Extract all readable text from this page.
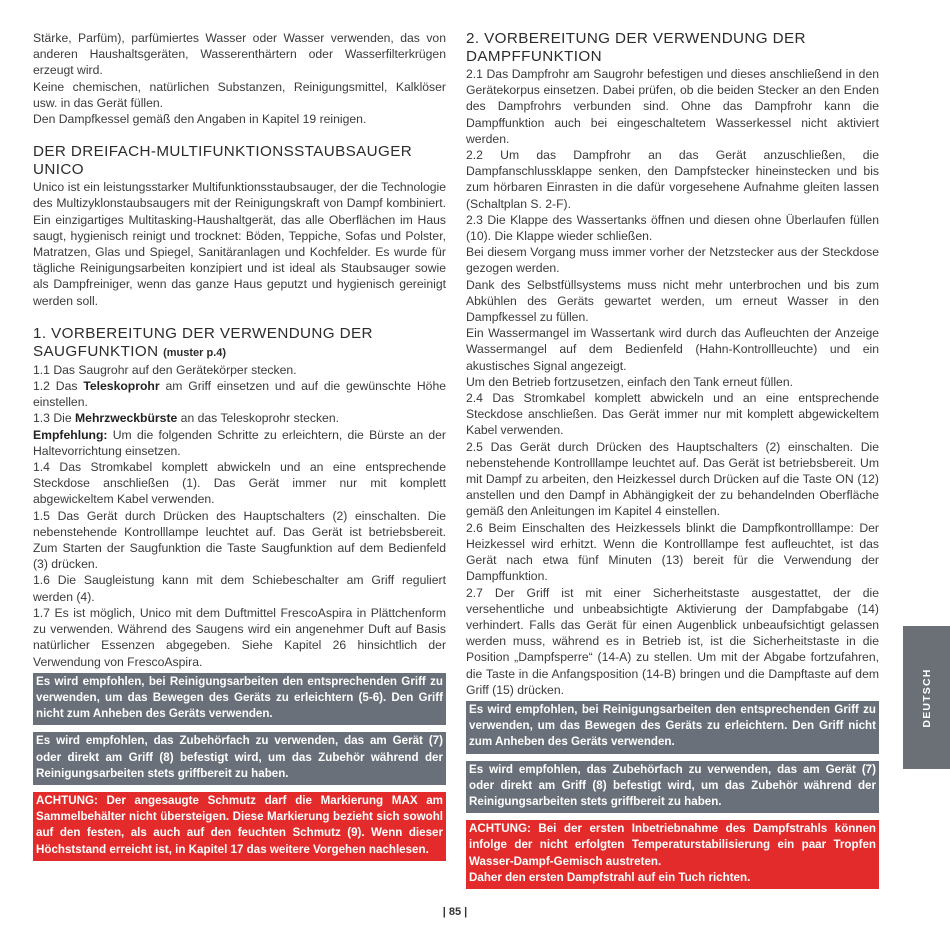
Stärke, Parfüm), parfümiertes Wasser oder Wasser verwenden, das von anderen Haushaltsgeräten, Wasserenthärtern oder Wasserfilterkrügen erzeugt wird.

Keine chemischen, natürlichen Substanzen, Reinigungsmittel, Kalklöser usw. in das Gerät füllen.

Den Dampfkessel gemäß den Angaben in Kapitel 19 reinigen.

DER DREIFACH-MULTIFUNKTIONSSTAUBSAUGER UNICO

Unico ist ein leistungsstarker Multifunktionsstaubsauger, der die Technologie des Multizyklonstaubsaugers mit der Reinigungskraft von Dampf kombiniert. Ein einzigartiges Multitasking-Haushaltgerät, das alle Oberflächen im Haus saugt, hygienisch reinigt und trocknet: Böden, Teppiche, Sofas und Polster, Matratzen, Glas und Spiegel, Sanitäranlagen und Kochfelder. Es wurde für tägliche Reinigungsarbeiten konzipiert und ist ideal als Staubsauger sowie als Dampfreiniger, wenn das ganze Haus geputzt und hygienisch gereinigt werden soll.

1. VORBEREITUNG DER VERWENDUNG DER SAUGFUNKTION (muster p.4)

1.1 Das Saugrohr auf den Gerätekörper stecken.

1.2 Das Teleskoprohr am Griff einsetzen und auf die gewünschte Höhe einstellen.

1.3 Die Mehrzweckbürste an das Teleskoprohr stecken.

Empfehlung: Um die folgenden Schritte zu erleichtern, die Bürste an der Haltevorrichtung einsetzen.

1.4 Das Stromkabel komplett abwickeln und an eine entsprechende Steckdose anschließen (1). Das Gerät immer nur mit komplett abgewickeltem Kabel verwenden.

1.5 Das Gerät durch Drücken des Hauptschalters (2) einschalten. Die nebenstehende Kontrolllampe leuchtet auf. Das Gerät ist betriebsbereit. Zum Starten der Saugfunktion die Taste Saugfunktion auf dem Bedienfeld (3) drücken.

1.6 Die Saugleistung kann mit dem Schiebeschalter am Griff reguliert werden (4).

1.7 Es ist möglich, Unico mit dem Duftmittel FrescoAspira in Plättchenform zu verwenden. Während des Saugens wird ein angenehmer Duft auf Basis natürlicher Essenzen abgegeben. Siehe Kapitel 26 hinsichtlich der Verwendung von FrescoAspira.

Es wird empfohlen, bei Reinigungsarbeiten den entsprechenden Griff zu verwenden, um das Bewegen des Geräts zu erleichtern (5-6). Den Griff nicht zum Anheben des Geräts verwenden.
Es wird empfohlen, das Zubehörfach zu verwenden, das am Gerät (7) oder direkt am Griff (8) befestigt wird, um das Zubehör während der Reinigungsarbeiten stets griffbereit zu haben.
ACHTUNG: Der angesaugte Schmutz darf die Markierung MAX am Sammelbehälter nicht übersteigen. Diese Markierung bezieht sich sowohl auf den festen, als auch auf den feuchten Schmutz (9). Wenn dieser Höchststand erreicht ist, in Kapitel 17 das weitere Vorgehen nachlesen.
2. VORBEREITUNG DER VERWENDUNG DER DAMPFFUNKTION

2.1 Das Dampfrohr am Saugrohr befestigen und dieses anschließend in den Gerätekorpus einsetzen. Dabei prüfen, ob die beiden Stecker an den Enden des Dampfrohrs verbunden sind. Ohne das Dampfrohr kann die Dampffunktion auch bei eingeschaltetem Wasserkessel nicht aktiviert werden.

2.2 Um das Dampfrohr an das Gerät anzuschließen, die Dampfanschlussklappe senken, den Dampfstecker hineinstecken und bis zum hörbaren Einrasten in die dafür vorgesehene Aufnahme gleiten lassen (Schaltplan S. 2-F).

2.3 Die Klappe des Wassertanks öffnen und diesen ohne Überlaufen füllen (10). Die Klappe wieder schließen.

Bei diesem Vorgang muss immer vorher der Netzstecker aus der Steckdose gezogen werden.

Dank des Selbstfüllsystems muss nicht mehr unterbrochen und bis zum Abkühlen des Geräts gewartet werden, um erneut Wasser in den Dampfkessel zu füllen.

Ein Wassermangel im Wassertank wird durch das Aufleuchten der Anzeige Wassermangel auf dem Bedienfeld (Hahn-Kontrollleuchte) und ein akustisches Signal angezeigt.

Um den Betrieb fortzusetzen, einfach den Tank erneut füllen.

2.4 Das Stromkabel komplett abwickeln und an eine entsprechende Steckdose anschließen. Das Gerät immer nur mit komplett abgewickeltem Kabel verwenden.

2.5 Das Gerät durch Drücken des Hauptschalters (2) einschalten. Die nebenstehende Kontrolllampe leuchtet auf. Das Gerät ist betriebsbereit. Um mit Dampf zu arbeiten, den Heizkessel durch Drücken auf die Taste ON (12) anstellen und den Dampf in Abhängigkeit der zu behandelnden Oberfläche gemäß den Anleitungen im Kapitel 4 einstellen.

2.6 Beim Einschalten des Heizkessels blinkt die Dampfkontrolllampe: Der Heizkessel wird erhitzt. Wenn die Kontrolllampe fest aufleuchtet, ist das Gerät nach etwa fünf Minuten (13) bereit für die Verwendung der Dampffunktion.

2.7 Der Griff ist mit einer Sicherheitstaste ausgestattet, der die versehentliche und unbeabsichtigte Aktivierung der Dampfabgabe (14) verhindert. Falls das Gerät für einen Augenblick unbeaufsichtigt gelassen werden muss, während es in Betrieb ist, ist die Sicherheitstaste in die Position „Dampfsperre“ (14-A) zu stellen. Um mit der Abgabe fortzufahren, die Taste in die Anfangsposition (14-B) bringen und die Dampftaste auf dem Griff (15) drücken.

Es wird empfohlen, bei Reinigungsarbeiten den entsprechenden Griff zu verwenden, um das Bewegen des Geräts zu erleichtern. Den Griff nicht zum Anheben des Geräts verwenden.
Es wird empfohlen, das Zubehörfach zu verwenden, das am Gerät (7) oder direkt am Griff (8) befestigt wird, um das Zubehör während der Reinigungsarbeiten stets griffbereit zu haben.
ACHTUNG: Bei der ersten Inbetriebnahme des Dampfstrahls können infolge der nicht erfolgten Temperaturstabilisierung ein paar Tropfen Wasser-Dampf-Gemisch austreten.
Daher den ersten Dampfstrahl auf ein Tuch richten.
DEUTSCH
| 85 |
